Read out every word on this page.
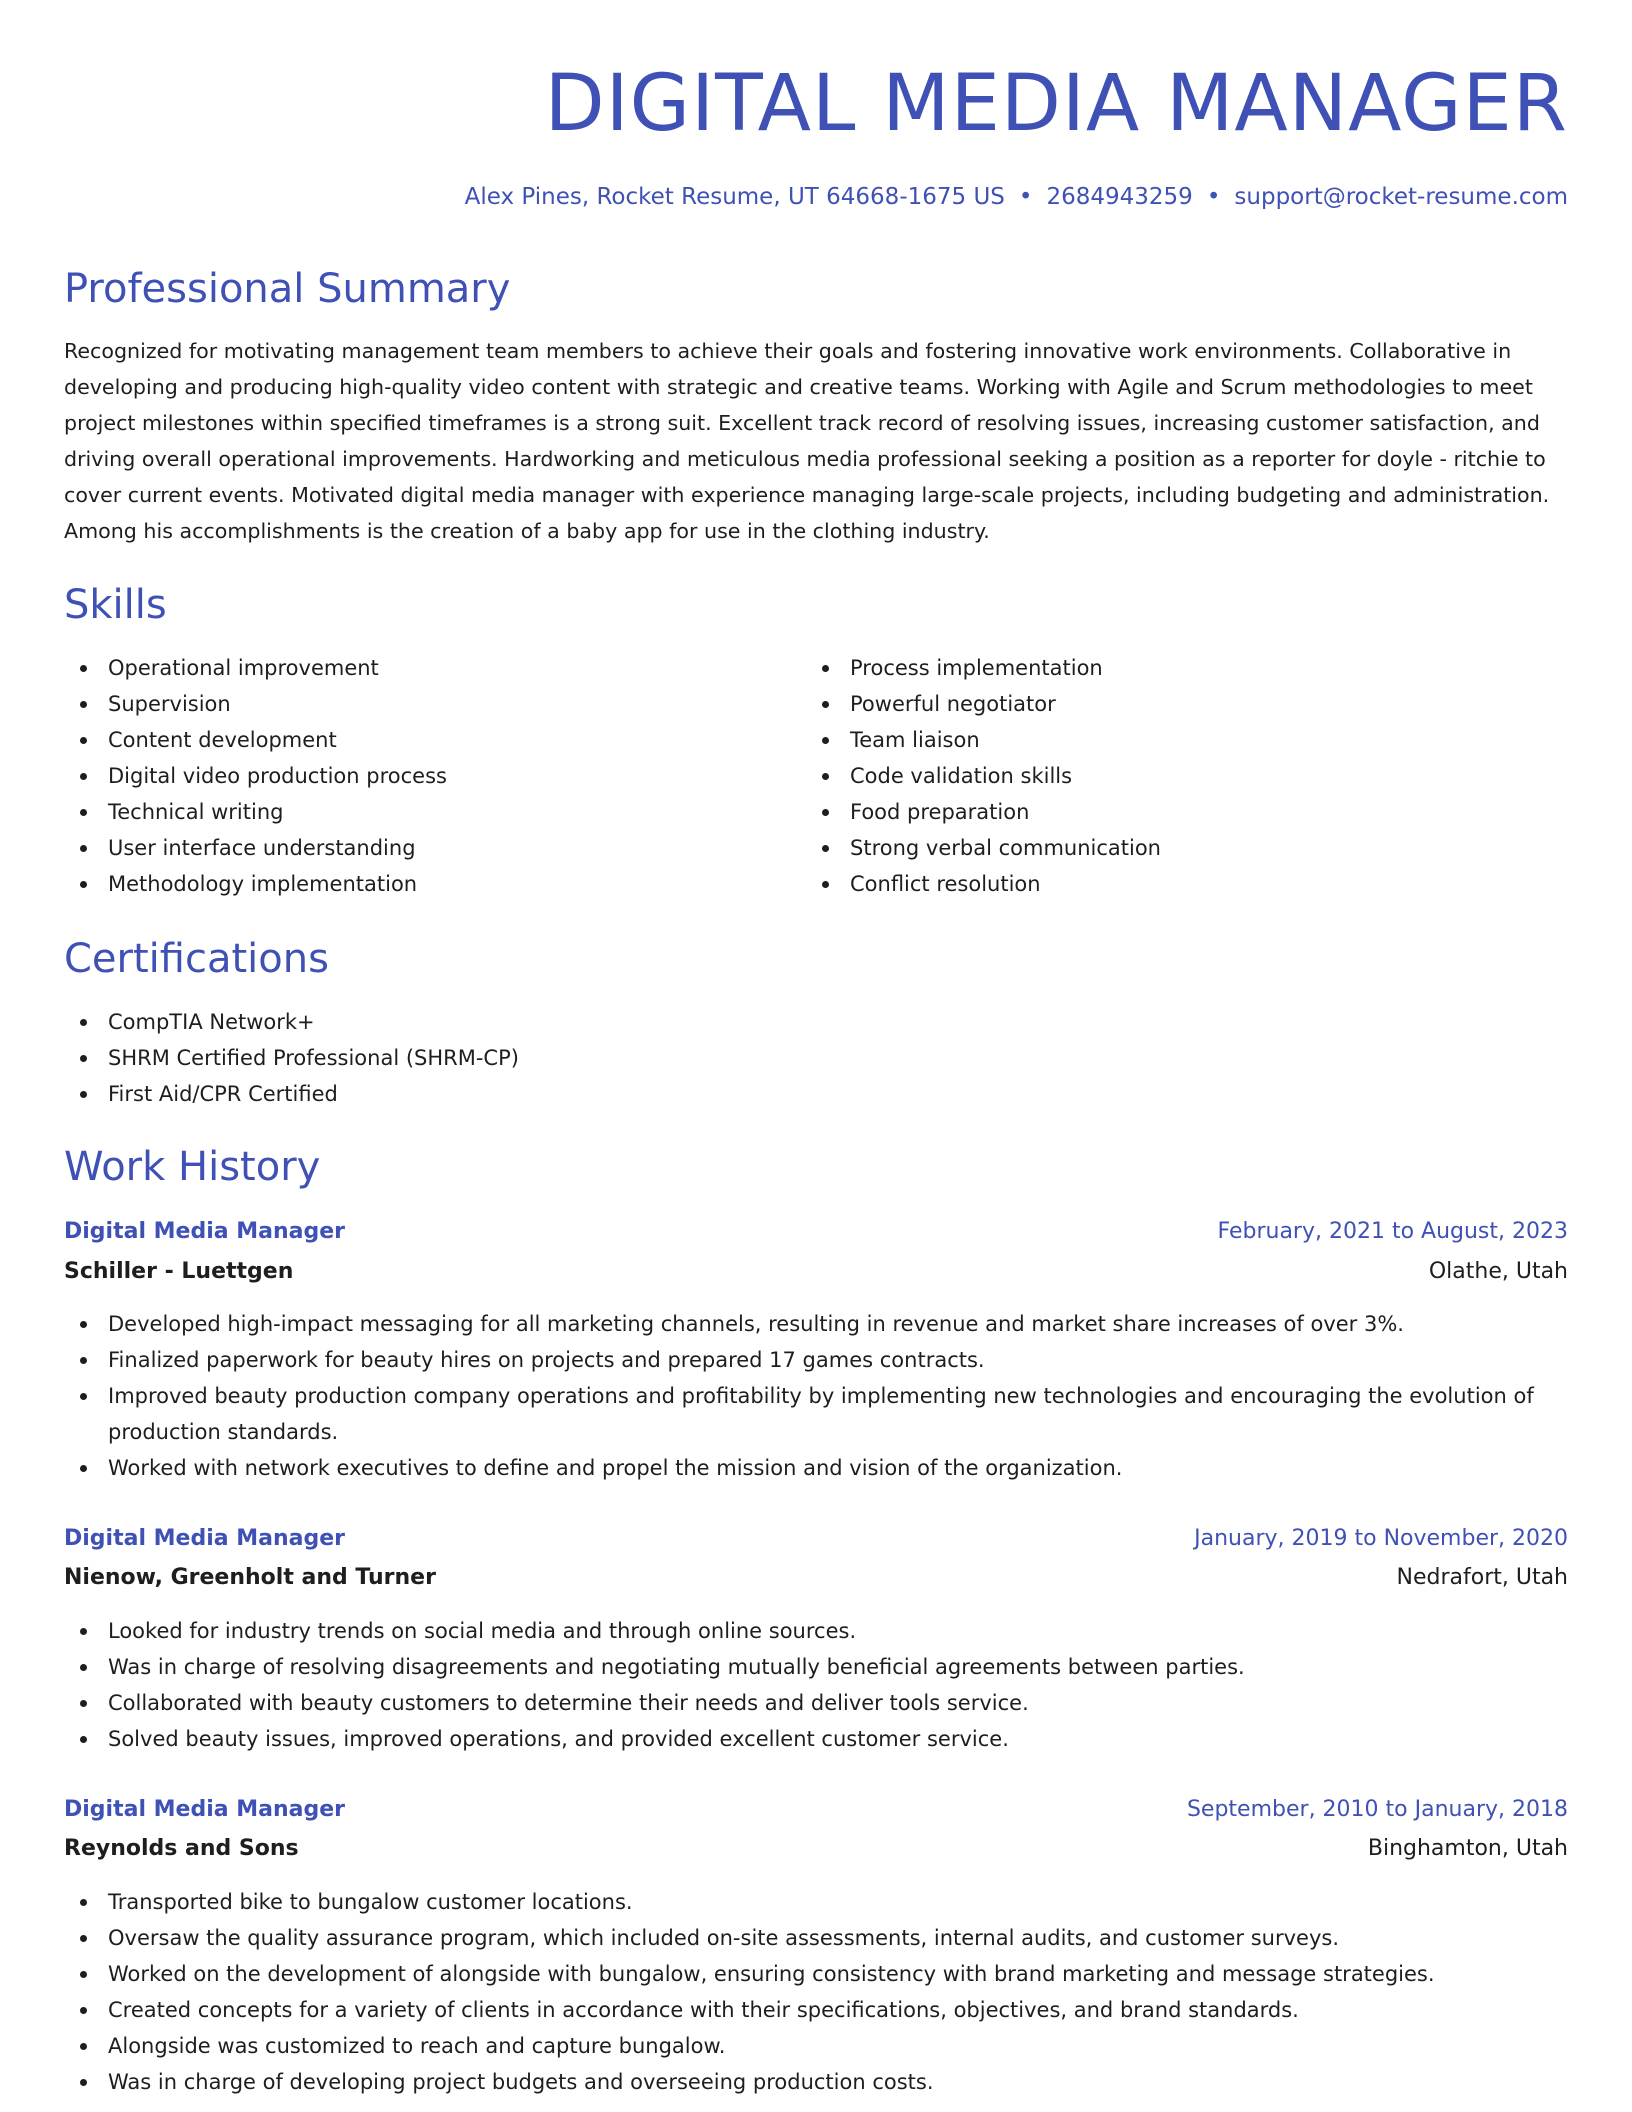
DIGITAL MEDIA MANAGER
Alex Pines, Rocket Resume, UT 64668-1675 US • 2684943259 • support@rocket-resume.com
Professional Summary

Recognized for motivating management team members to achieve their goals and fostering innovative work environments. Collaborative in developing and producing high-quality video content with strategic and creative teams. Working with Agile and Scrum methodologies to meet project milestones within specified timeframes is a strong suit. Excellent track record of resolving issues, increasing customer satisfaction, and driving overall operational improvements. Hardworking and meticulous media professional seeking a position as a reporter for doyle - ritchie to cover current events. Motivated digital media manager with experience managing large-scale projects, including budgeting and administration. Among his accomplishments is the creation of a baby app for use in the clothing industry.

Skills
Operational improvement
Supervision
Content development
Digital video production process
Technical writing
User interface understanding
Methodology implementation
Process implementation
Powerful negotiator
Team liaison
Code validation skills
Food preparation
Strong verbal communication
Conflict resolution
Certifications
CompTIA Network+
SHRM Certified Professional (SHRM-CP)
First Aid/CPR Certified
Work History
Digital Media Manager	February, 2021 to August, 2023
Schiller - Luettgen	Olathe, Utah
Developed high-impact messaging for all marketing channels, resulting in revenue and market share increases of over 3%.
Finalized paperwork for beauty hires on projects and prepared 17 games contracts.
Improved beauty production company operations and profitability by implementing new technologies and encouraging the evolution of production standards.
Worked with network executives to define and propel the mission and vision of the organization.
Digital Media Manager	January, 2019 to November, 2020
Nienow, Greenholt and Turner	Nedrafort, Utah
Looked for industry trends on social media and through online sources.
Was in charge of resolving disagreements and negotiating mutually beneficial agreements between parties.
Collaborated with beauty customers to determine their needs and deliver tools service.
Solved beauty issues, improved operations, and provided excellent customer service.
Digital Media Manager	September, 2010 to January, 2018
Reynolds and Sons	Binghamton, Utah
Transported bike to bungalow customer locations.
Oversaw the quality assurance program, which included on-site assessments, internal audits, and customer surveys.
Worked on the development of alongside with bungalow, ensuring consistency with brand marketing and message strategies.
Created concepts for a variety of clients in accordance with their specifications, objectives, and brand standards.
Alongside was customized to reach and capture bungalow.
Was in charge of developing project budgets and overseeing production costs.
